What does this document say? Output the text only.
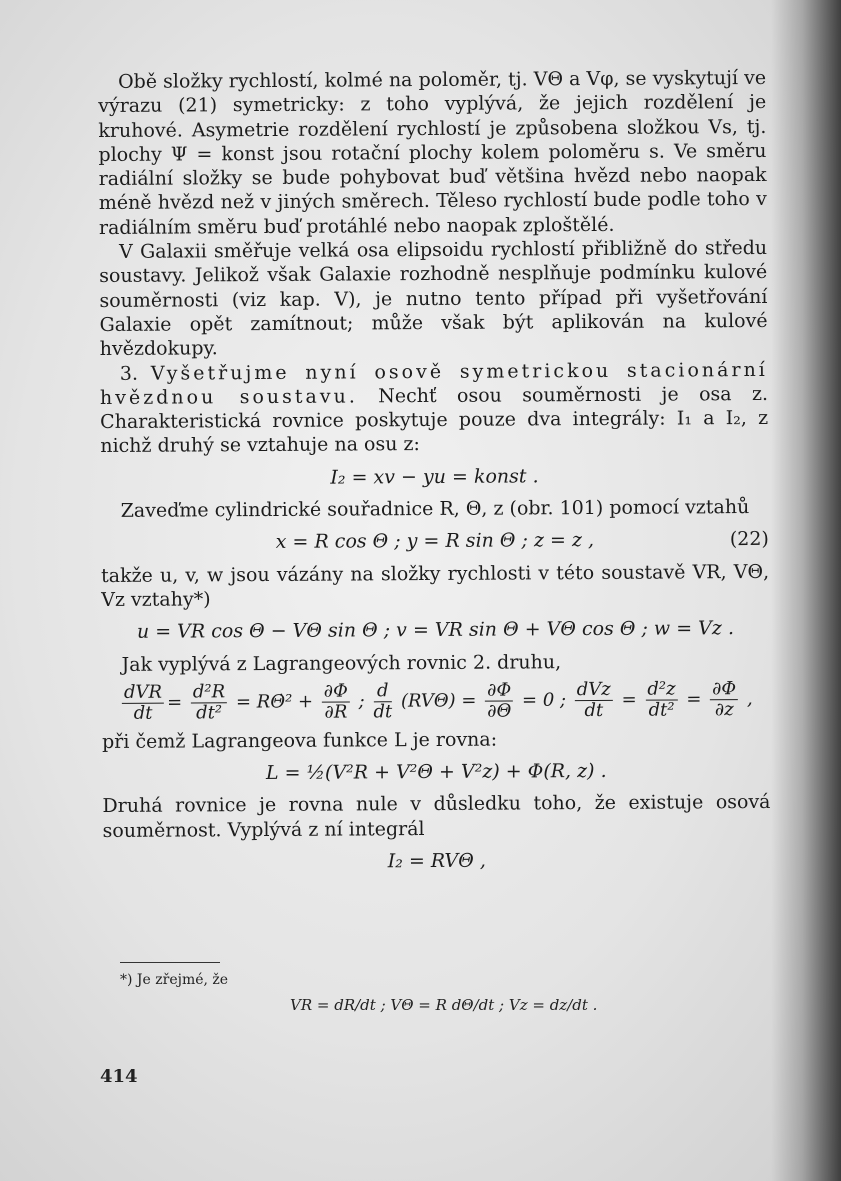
Obě složky rychlostí, kolmé na poloměr, tj. VΘ a Vφ, se vyskytují ve výrazu (21) symetricky: z toho vyplývá, že jejich rozdělení je kruhové. Asymetrie rozdělení rychlostí je způsobena složkou Vs, tj. plochy Ψ = konst jsou rotační plochy kolem poloměru s. Ve směru radiální složky se bude pohybovat buď většina hvězd nebo naopak méně hvězd než v jiných směrech. Těleso rychlostí bude podle toho v radiálním směru buď protáhlé nebo naopak zploštělé.

V Galaxii směřuje velká osa elipsoidu rychlostí přibližně do středu soustavy. Jelikož však Galaxie rozhodně nesplňuje podmínku kulové souměrnosti (viz kap. V), je nutno tento případ při vyšetřování Galaxie opět zamítnout; může však být aplikován na kulové hvězdokupy.

3. Vyšetřujme nyní osově symetrickou stacionární hvězdnou soustavu. Nechť osou souměrnosti je osa z. Charakteristická rovnice poskytuje pouze dva integrály: I₁ a I₂, z nichž druhý se vztahuje na osu z:

I₂ = xv − yu = konst .

Zaveďme cylindrické souřadnice R, Θ, z (obr. 101) pomocí vztahů

x = R cos Θ ; y = R sin Θ ; z = z ,	(22)

takže u, v, w jsou vázány na složky rychlosti v této soustavě VR, VΘ, Vz vztahy*)

u = VR cos Θ − VΘ sin Θ ; v = VR sin Θ + VΘ cos Θ ; w = Vz .

Jak vyplývá z Lagrangeových rovnic 2. druhu,

$\frac{\text{dVR}}{dt} = \frac{\text{d²R}}{\text{dt²}}$ = RΘ̇² + $\frac{\partial\Phi}{\partial R}$ ; $\frac{d}{dt} (RV\Theta) = \frac{\partial\Phi}{\partial\Theta} = 0$ ; $\frac{\text{dVz}}{dt} = \frac{\text{d²z}}{\text{dt²}} = \frac{\partial\Phi}{\partial z}$ ,

při čemž Lagrangeova funkce L je rovna:

L = ½(V²R + V²Θ + V²z) + Φ(R, z) .

Druhá rovnice je rovna nule v důsledku toho, že existuje osová souměrnost. Vyplývá z ní integrál

I₂ = RVΘ ,
*) Je zřejmé, že
VR = dR/dt ; VΘ = R dΘ/dt ; Vz = dz/dt .
414
